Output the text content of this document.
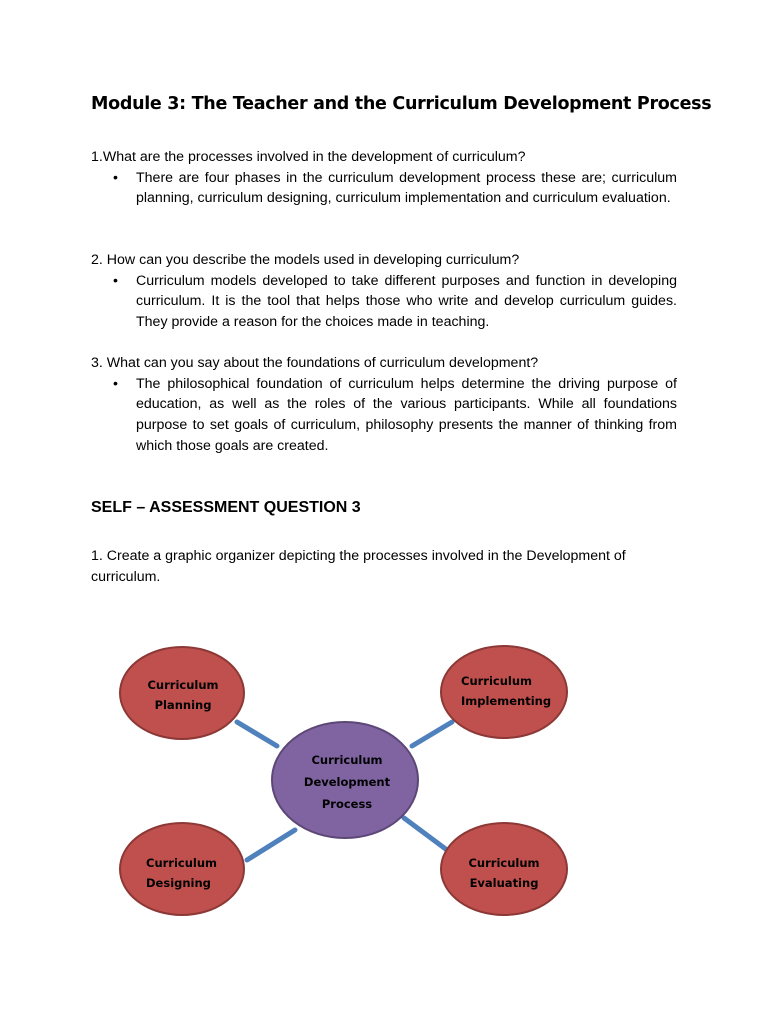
Module 3: The Teacher and the Curriculum Development Process

1.What are the processes involved in the development of curriculum?

• There are four phases in the curriculum development process these are; curriculum planning, curriculum designing, curriculum implementation and curriculum evaluation.

2. How can you describe the models used in developing curriculum?

• Curriculum models developed to take different purposes and function in developing curriculum. It is the tool that helps those who write and develop curriculum guides. They provide a reason for the choices made in teaching.

3. What can you say about the foundations of curriculum development?

• The philosophical foundation of curriculum helps determine the driving purpose of education, as well as the roles of the various participants. While all foundations purpose to set goals of curriculum, philosophy presents the manner of thinking from which those goals are created.
SELF – ASSESSMENT QUESTION 3

1. Create a graphic organizer depicting the processes involved in the Development of curriculum.

Curriculum
Planning
Curriculum
Implementing
Curriculum
Designing
Curriculum
Evaluating
Curriculum
Development
Process
